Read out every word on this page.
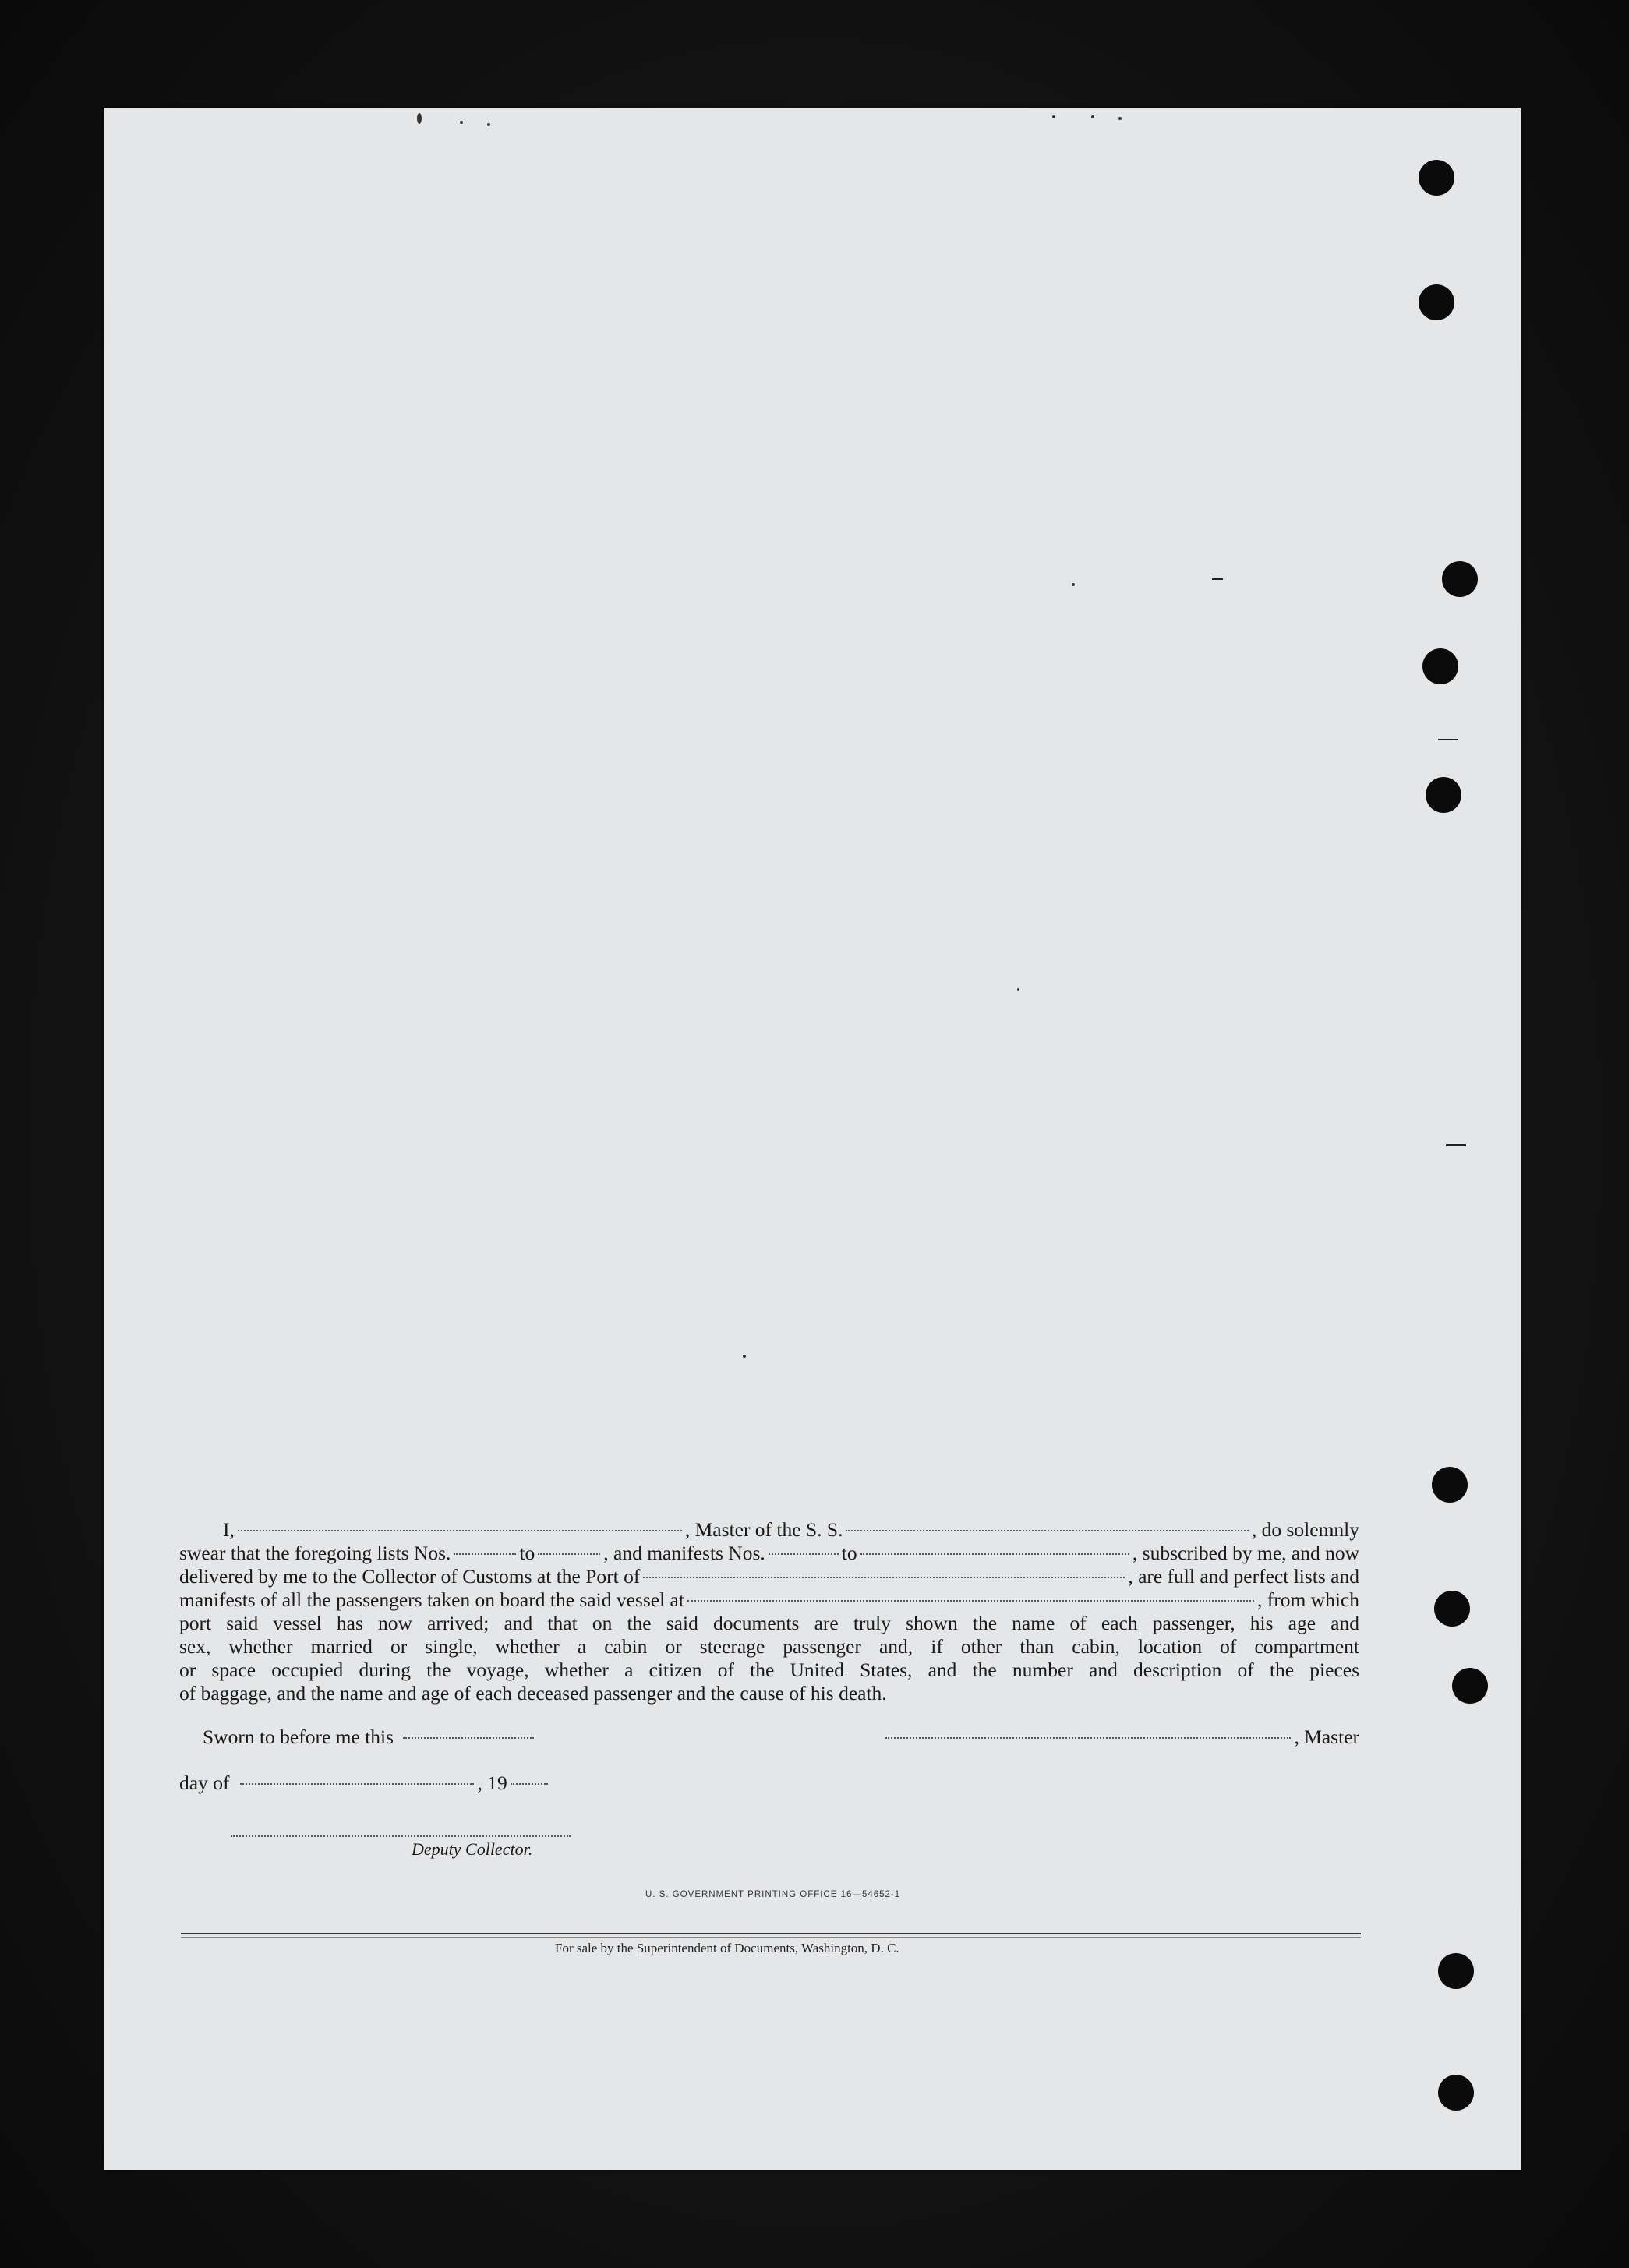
I,	, Master of the S. S.	, do solemnly
swear that the foregoing lists Nos.	to	, and manifests Nos.	to	, subscribed by me, and now
delivered by me to the Collector of Customs at the Port of	, are full and perfect lists and
manifests of all the passengers taken on board the said vessel at	, from which
port said vessel has now arrived; and that on the said documents are truly shown the name of each passenger, his age and
sex, whether married or single, whether a cabin or steerage passenger and, if other than cabin, location of compartment
or space occupied during the voyage, whether a citizen of the United States, and the number and description of the pieces
of baggage, and the name and age of each deceased passenger and the cause of his death.
Sworn to before me this	, Master
day of	, 19
Deputy Collector.
U. S. GOVERNMENT PRINTING OFFICE 16—54652-1
For sale by the Superintendent of Documents, Washington, D. C.
